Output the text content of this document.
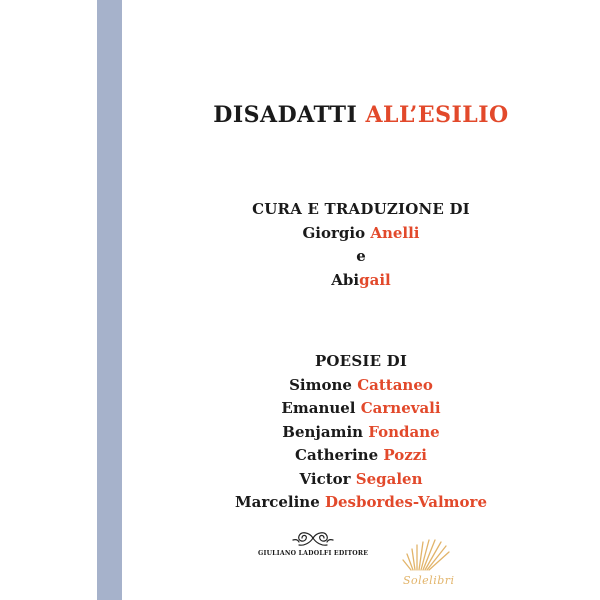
DISADATTI ALL’ESILIO
CURA E TRADUZIONE DI
Giorgio Anelli
e
Abigail
POESIE DI
Simone Cattaneo
Emanuel Carnevali
Benjamin Fondane
Catherine Pozzi
Victor Segalen
Marceline Desbordes-Valmore
GIULIANO LADOLFI EDITORE
Solelibri
